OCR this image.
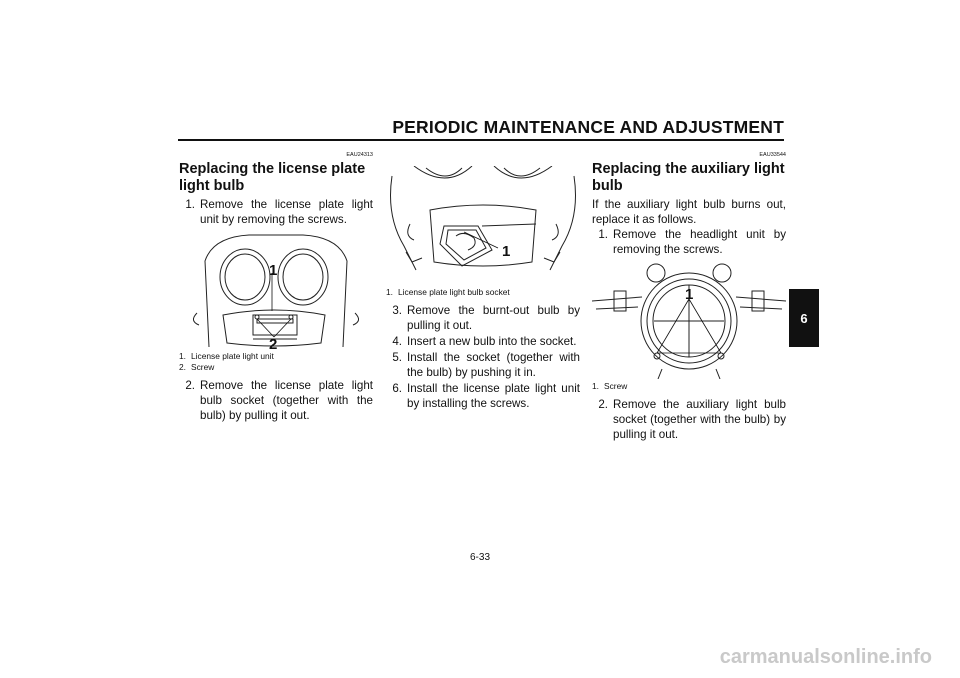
PERIODIC MAINTENANCE AND ADJUSTMENT
EAU24313
Replacing the license plate light bulb
1. Remove the license plate light unit by removing the screws.
1
2
1. License plate light unit
2. Screw
2. Remove the license plate light bulb socket (together with the bulb) by pulling it out.
1
1. License plate light bulb socket
3. Remove the burnt-out bulb by pulling it out.
4. Insert a new bulb into the socket.
5. Install the socket (together with the bulb) by pushing it in.
6. Install the license plate light unit by installing the screws.
EAU33544
Replacing the auxiliary light bulb

If the auxiliary light bulb burns out, replace it as follows.

1. Remove the headlight unit by removing the screws.
1
1. Screw
2. Remove the auxiliary light bulb socket (together with the bulb) by pulling it out.
6
6-33
carmanualsonline.info
